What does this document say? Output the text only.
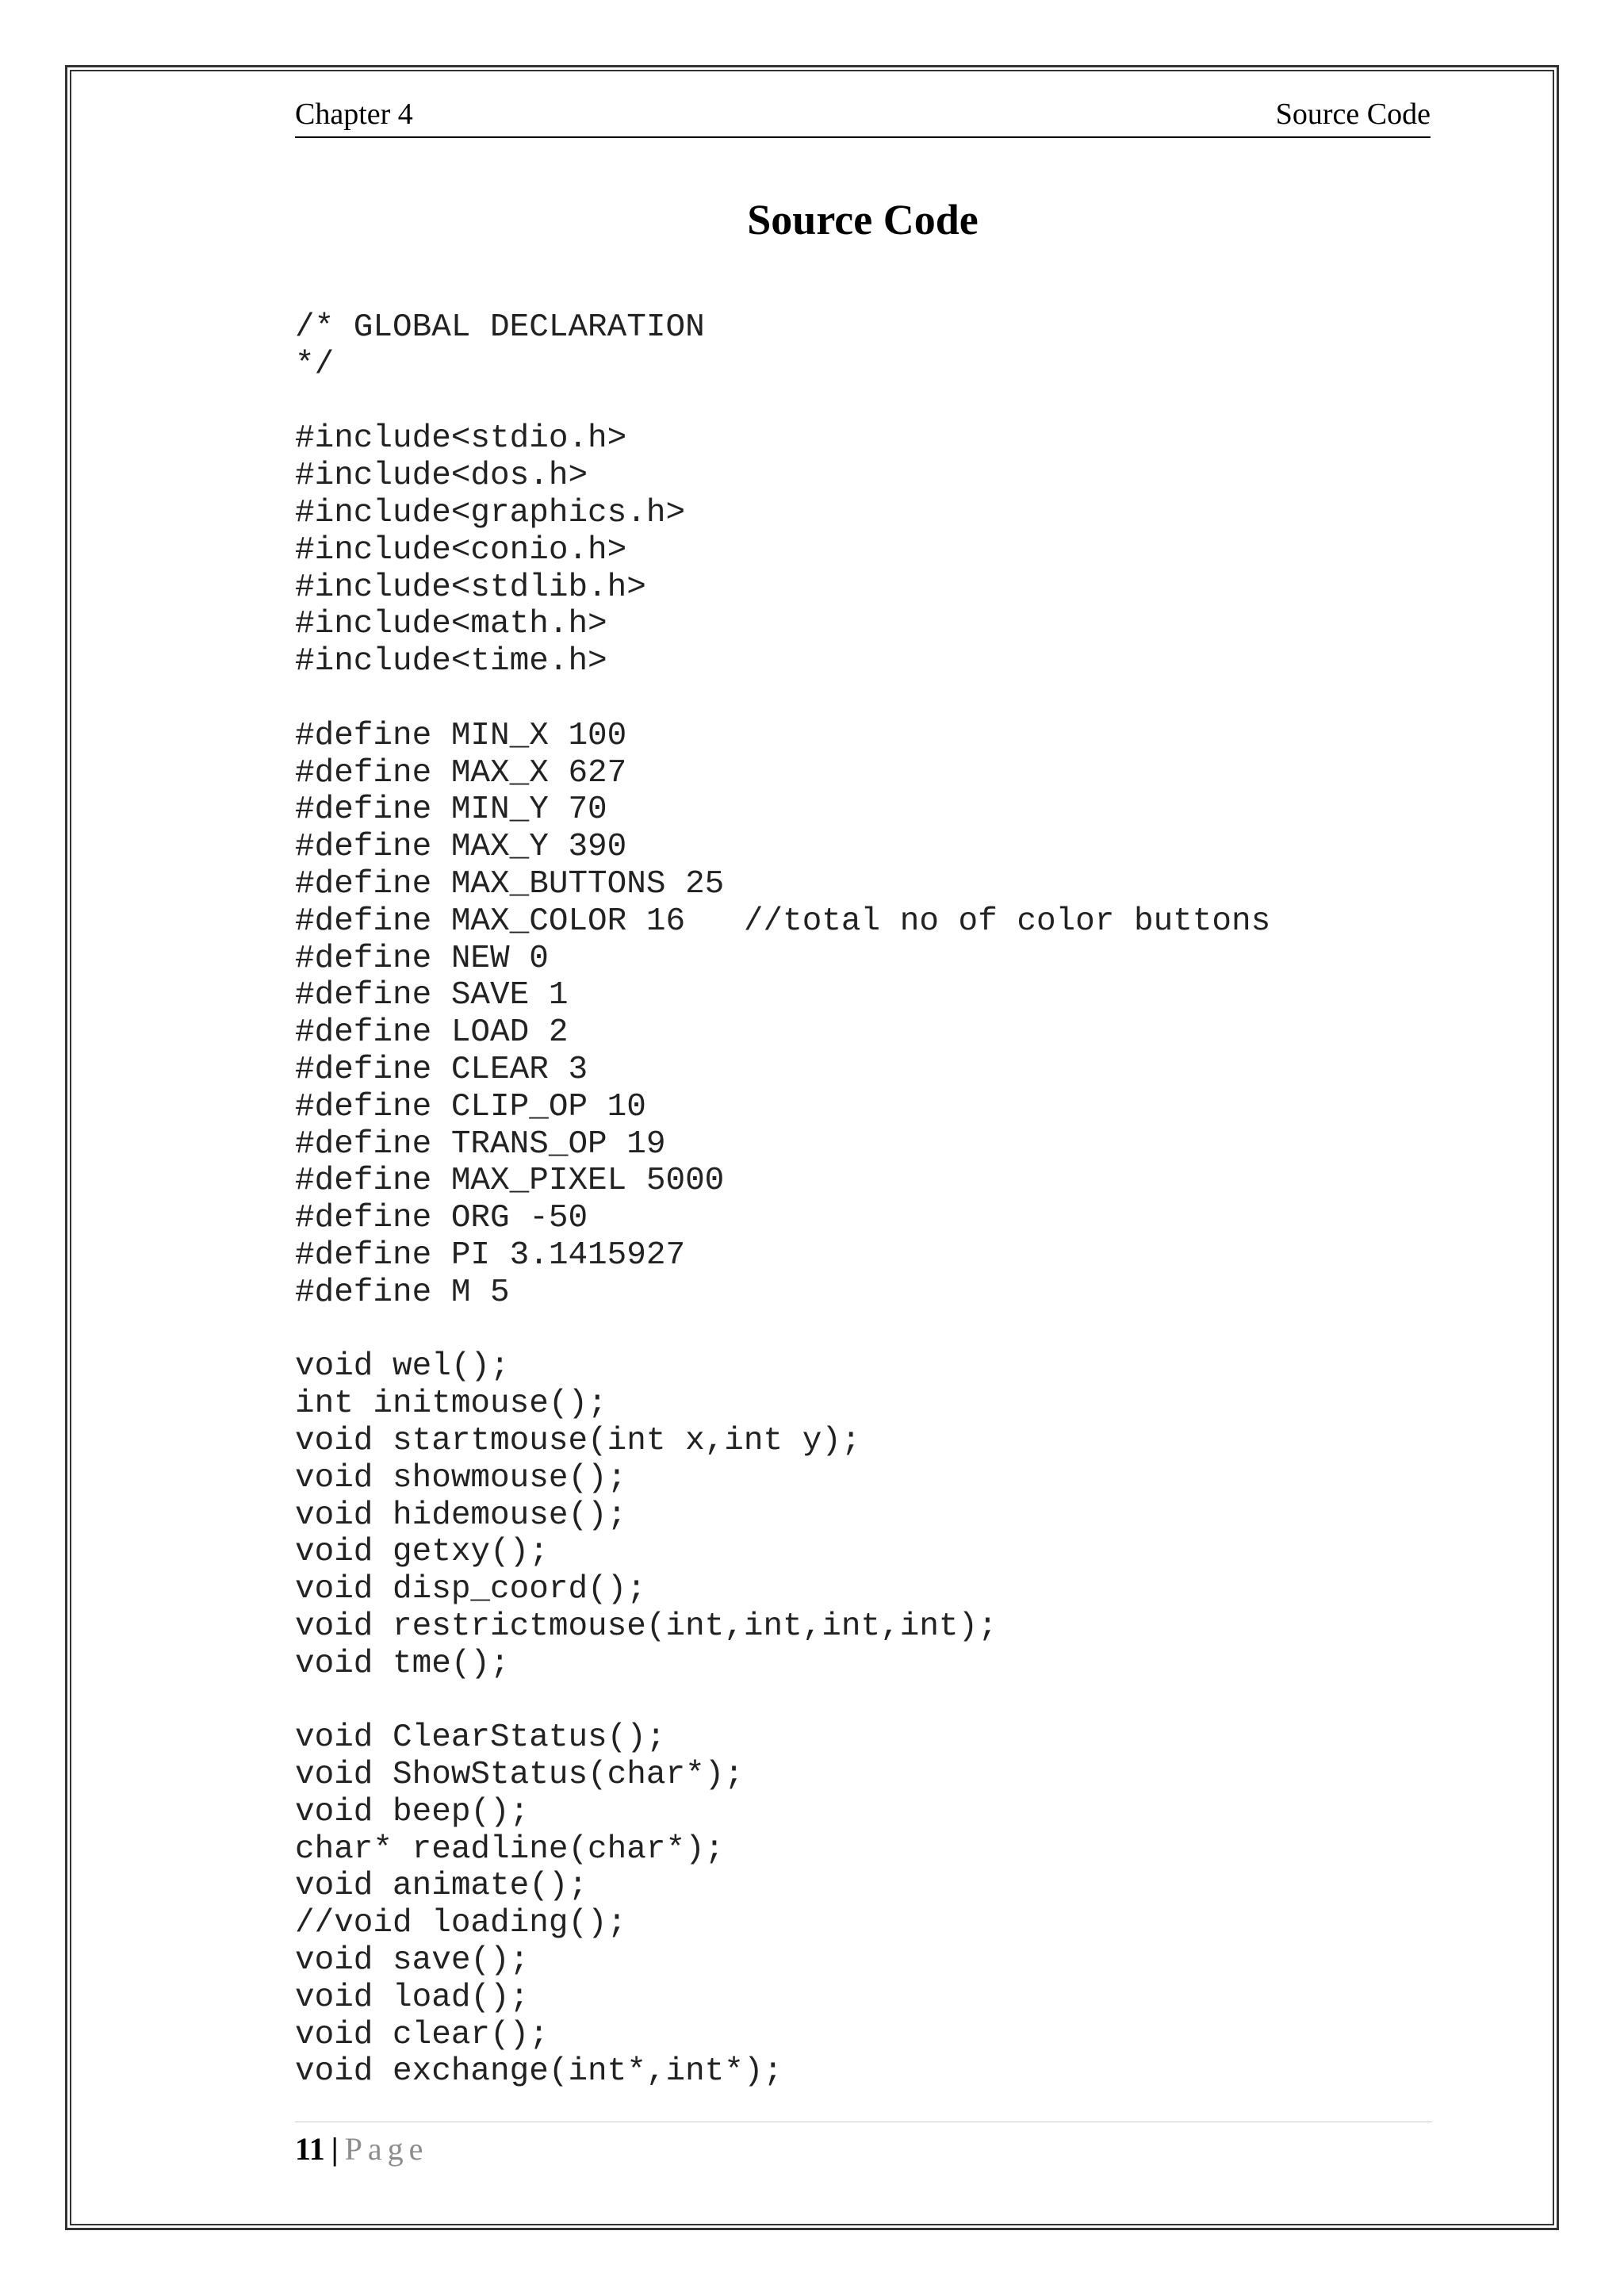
Chapter 4	Source Code
Source Code
/* GLOBAL DECLARATION
*/
#include<stdio.h>
#include<dos.h>
#include<graphics.h>
#include<conio.h>
#include<stdlib.h>
#include<math.h>
#include<time.h>
#define MIN_X 100
#define MAX_X 627
#define MIN_Y 70
#define MAX_Y 390
#define MAX_BUTTONS 25
#define MAX_COLOR 16   //total no of color buttons
#define NEW 0
#define SAVE 1
#define LOAD 2
#define CLEAR 3
#define CLIP_OP 10
#define TRANS_OP 19
#define MAX_PIXEL 5000
#define ORG -50
#define PI 3.1415927
#define M 5
void wel();
int initmouse();
void startmouse(int x,int y);
void showmouse();
void hidemouse();
void getxy();
void disp_coord();
void restrictmouse(int,int,int,int);
void tme();
void ClearStatus();
void ShowStatus(char*);
void beep();
char* readline(char*);
void animate();
//void loading();
void save();
void load();
void clear();
void exchange(int*,int*);
11 | Page
